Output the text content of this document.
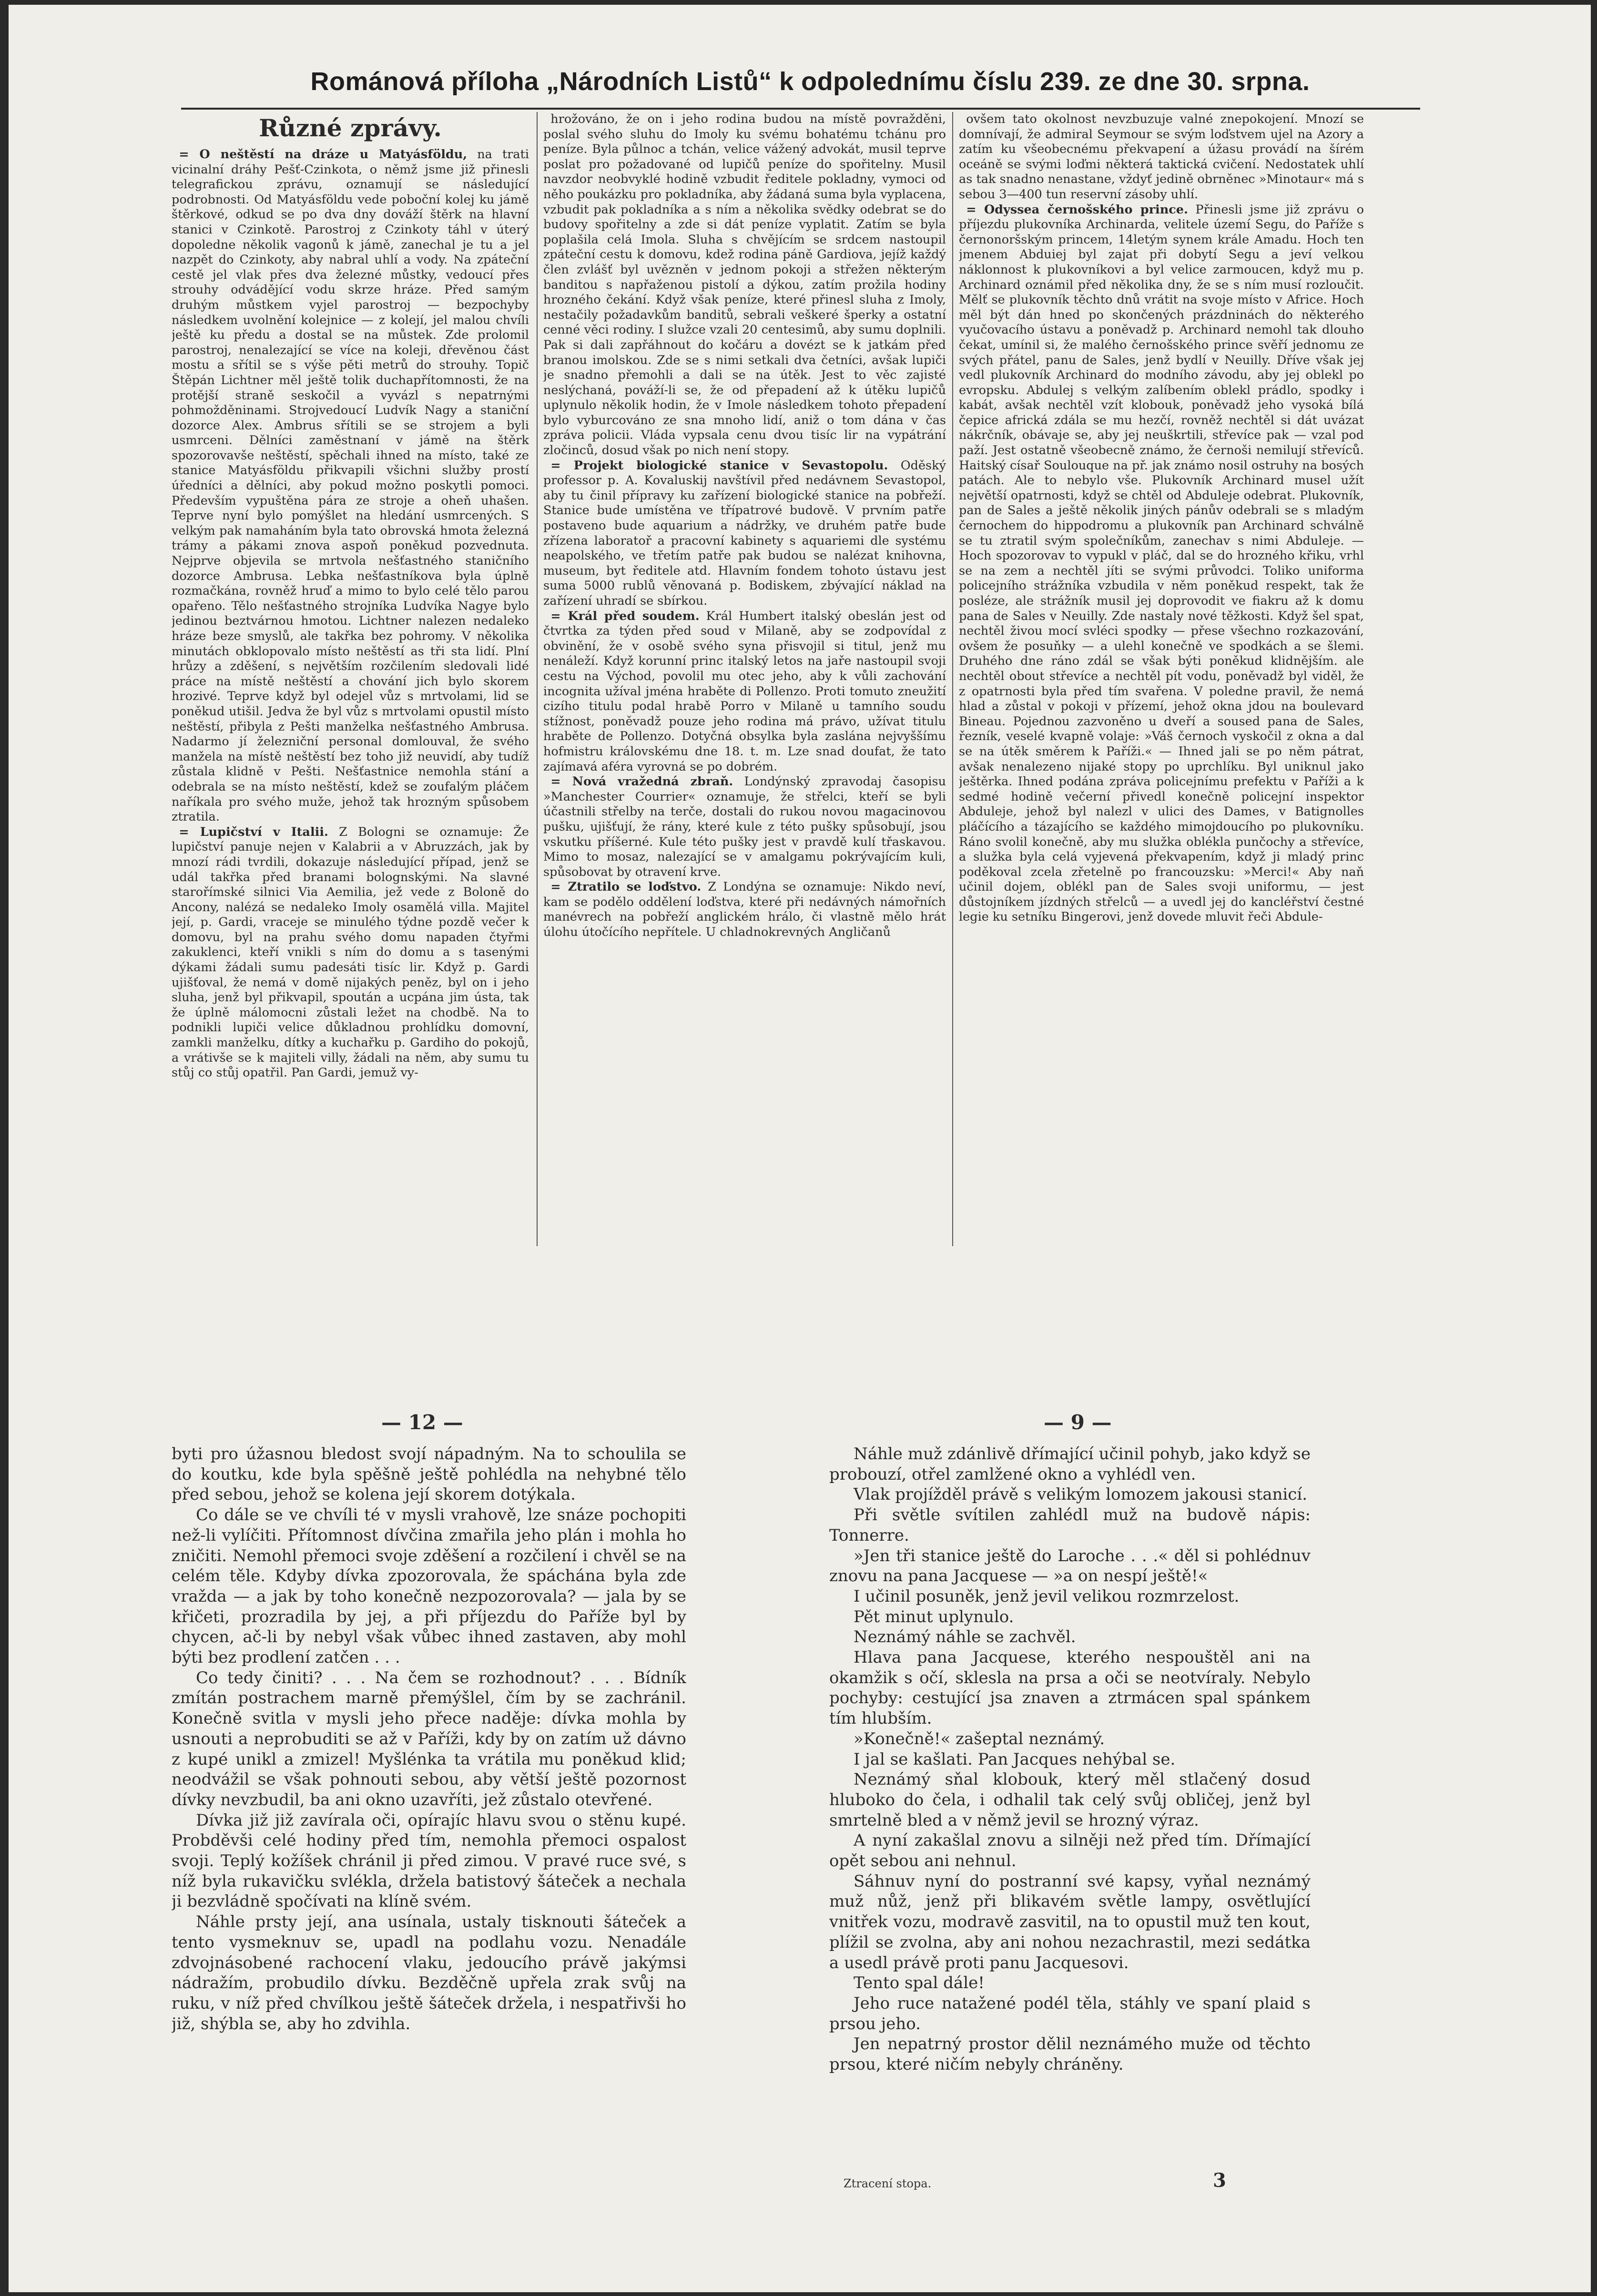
Románová příloha „Národních Listů“ k odpolednímu číslu 239. ze dne 30. srpna.
Různé zprávy.

= O neštěstí na dráze u Matyásföldu, na trati vicinalní dráhy Pešť-Czinkota, o němž jsme již přinesli telegrafickou zprávu, oznamují se následující podrobnosti. Od Matyásföldu vede poboční kolej ku jámě štěrkové, odkud se po dva dny dováží štěrk na hlavní stanici v Czinkotě. Parostroj z Czinkoty táhl v úterý dopoledne několik vagonů k jámě, zanechal je tu a jel nazpět do Czinkoty, aby nabral uhlí a vody. Na zpáteční cestě jel vlak přes dva železné můstky, vedoucí přes strouhy odvádějící vodu skrze hráze. Před samým druhým můstkem vyjel parostroj — bezpochyby následkem uvolnění kolejnice — z kolejí, jel malou chvíli ještě ku předu a dostal se na můstek. Zde prolomil parostroj, nenalezající se více na koleji, dřevěnou část mostu a sřítil se s výše pěti metrů do strouhy. Topič Štěpán Lichtner měl ještě tolik duchapřítomnosti, že na protější straně seskočil a vyvázl s nepatrnými pohmožděninami. Strojvedoucí Ludvík Nagy a staniční dozorce Alex. Ambrus sřítili se se strojem a byli usmrceni. Dělníci zaměstnaní v jámě na štěrk spozorovavše neštěstí, spěchali ihned na místo, také ze stanice Matyásföldu přikvapili všichni služby prostí úředníci a dělníci, aby pokud možno poskytli pomoci. Především vypuštěna pára ze stroje a oheň uhašen. Teprve nyní bylo pomýšlet na hledání usmrcených. S velkým pak namaháním byla tato obrovská hmota železná trámy a pákami znova aspoň poněkud pozvednuta. Nejprve objevila se mrtvola nešťastného staničního dozorce Ambrusa. Lebka nešťastníkova byla úplně rozmačkána, rovněž hruď a mimo to bylo celé tělo parou opařeno. Tělo nešťastného strojníka Ludvíka Nagye bylo jedinou beztvárnou hmotou. Lichtner nalezen nedaleko hráze beze smyslů, ale takřka bez pohromy. V několika minutách obklopovalo místo neštěstí as tři sta lidí. Plní hrůzy a zděšení, s největším rozčilením sledovali lidé práce na místě neštěstí a chování jich bylo skorem hrozivé. Teprve když byl odejel vůz s mrtvolami, lid se poněkud utišil. Jedva že byl vůz s mrtvolami opustil místo neštěstí, přibyla z Pešti manželka nešťastného Ambrusa. Nadarmo jí železniční personal domlouval, že svého manžela na místě neštěstí bez toho již neuvidí, aby tudíž zůstala klidně v Pešti. Nešťastnice nemohla stání a odebrala se na místo neštěstí, kdež se zoufalým pláčem naříkala pro svého muže, jehož tak hrozným spůsobem ztratila.

= Lupičství v Italii. Z Bologni se oznamuje: Že lupičství panuje nejen v Kalabrii a v Abruzzách, jak by mnozí rádi tvrdili, dokazuje následující případ, jenž se udál takřka před branami bolognskými. Na slavné starořímské silnici Via Aemilia, jež vede z Boloně do Ancony, nalézá se nedaleko Imoly osamělá villa. Majitel její, p. Gardi, vraceje se minulého týdne pozdě večer k domovu, byl na prahu svého domu napaden čtyřmi zakuklenci, kteří vnikli s ním do domu a s tasenými dýkami žádali sumu padesáti tisíc lir. Když p. Gardi ujišťoval, že nemá v domě nijakých peněz, byl on i jeho sluha, jenž byl přikvapil, spoután a ucpána jim ústa, tak že úplně málomocni zůstali ležet na chodbě. Na to podnikli lupiči velice důkladnou prohlídku domovní, zamkli manželku, dítky a kuchařku p. Gardiho do pokojů, a vrátivše se k majiteli villy, žádali na něm, aby sumu tu stůj co stůj opatřil. Pan Gardi, jemuž vy-

hrožováno, že on i jeho rodina budou na místě povražděni, poslal svého sluhu do Imoly ku svému bohatému tchánu pro peníze. Byla půlnoc a tchán, velice vážený advokát, musil teprve poslat pro požadované od lupičů peníze do spořitelny. Musil navzdor neobvyklé hodině vzbudit ředitele pokladny, vymoci od něho poukázku pro pokladníka, aby žádaná suma byla vyplacena, vzbudit pak pokladníka a s ním a několika svědky odebrat se do budovy spořitelny a zde si dát peníze vyplatit. Zatím se byla poplašila celá Imola. Sluha s chvějícím se srdcem nastoupil zpáteční cestu k domovu, kdež rodina páně Gardiova, jejíž každý člen zvlášť byl uvězněn v jednom pokoji a střežen některým banditou s napřaženou pistolí a dýkou, zatím prožila hodiny hrozného čekání. Když však peníze, které přinesl sluha z Imoly, nestačily požadavkům banditů, sebrali veškeré šperky a ostatní cenné věci rodiny. I služce vzali 20 centesimů, aby sumu doplnili. Pak si dali zapřáhnout do kočáru a dovézt se k jatkám před branou imolskou. Zde se s nimi setkali dva četníci, avšak lupiči je snadno přemohli a dali se na útěk. Jest to věc zajisté neslýchaná, pováží-li se, že od přepadení až k útěku lupičů uplynulo několik hodin, že v Imole následkem tohoto přepadení bylo vyburcováno ze sna mnoho lidí, aniž o tom dána v čas zpráva policii. Vláda vypsala cenu dvou tisíc lir na vypátrání zločinců, dosud však po nich není stopy.

= Projekt biologické stanice v Sevastopolu. Oděský professor p. A. Kovaluskij navštívil před nedávnem Sevastopol, aby tu činil přípravy ku zařízení biologické stanice na pobřeží. Stanice bude umístěna ve třípatrové budově. V prvním patře postaveno bude aquarium a nádržky, ve druhém patře bude zřízena laboratoř a pracovní kabinety s aquariemi dle systému neapolského, ve třetím patře pak budou se nalézat knihovna, museum, byt ředitele atd. Hlavním fondem tohoto ústavu jest suma 5000 rublů věnovaná p. Bodiskem, zbývající náklad na zařízení uhradí se sbírkou.

= Král před soudem. Král Humbert italský obeslán jest od čtvrtka za týden před soud v Milaně, aby se zodpovídal z obvinění, že v osobě svého syna přisvojil si titul, jenž mu nenáleží. Když korunní princ italský letos na jaře nastoupil svoji cestu na Východ, povolil mu otec jeho, aby k vůli zachování incognita užíval jména hraběte di Pollenzo. Proti tomuto zneužití cizího titulu podal hrabě Porro v Milaně u tamního soudu stížnost, poněvadž pouze jeho rodina má právo, užívat titulu hraběte de Pollenzo. Dotyčná obsylka byla zaslána nejvyššímu hofmistru královskému dne 18. t. m. Lze snad doufat, že tato zajímavá aféra vyrovná se po dobrém.

= Nová vražedná zbraň. Londýnský zpravodaj časopisu »Manchester Courrier« oznamuje, že střelci, kteří se byli účastnili střelby na terče, dostali do rukou novou magacinovou pušku, ujišťují, že rány, které kule z této pušky spůsobují, jsou vskutku příšerné. Kule této pušky jest v pravdě kulí třaskavou. Mimo to mosaz, nalezající se v amalgamu pokrývajícím kuli, spůsobovat by otravení krve.

= Ztratilo se loďstvo. Z Londýna se oznamuje: Nikdo neví, kam se podělo oddělení loďstva, které při nedávných námořních manévrech na pobřeží anglickém hrálo, či vlastně mělo hrát úlohu útočícího nepřítele. U chladnokrevných Angličanů

ovšem tato okolnost nevzbuzuje valné znepokojení. Mnozí se domnívají, že admiral Seymour se svým loďstvem ujel na Azory a zatím ku všeobecnému překvapení a úžasu provádí na šírém oceáně se svými loďmi některá taktická cvičení. Nedostatek uhlí as tak snadno nenastane, vždyť jedině obrněnec »Minotaur« má s sebou 3—400 tun reservní zásoby uhlí.

= Odyssea černošského prince. Přinesli jsme již zprávu o příjezdu plukovníka Archinarda, velitele území Segu, do Paříže s černonoršským princem, 14letým synem krále Amadu. Hoch ten jmenem Abduiej byl zajat při dobytí Segu a jeví velkou náklonnost k plukovníkovi a byl velice zarmoucen, když mu p. Archinard oznámil před několika dny, že se s ním musí rozloučit. Mělť se plukovník těchto dnů vrátit na svoje místo v Africe. Hoch měl být dán hned po skončených prázdninách do některého vyučovacího ústavu a poněvadž p. Archinard nemohl tak dlouho čekat, umínil si, že malého černošského prince svěří jednomu ze svých přátel, panu de Sales, jenž bydlí v Neuilly. Dříve však jej vedl plukovník Archinard do modního závodu, aby jej oblekl po evropsku. Abdulej s velkým zalíbením oblekl prádlo, spodky i kabát, avšak nechtěl vzít klobouk, poněvadž jeho vysoká bílá čepice africká zdála se mu hezčí, rovněž nechtěl si dát uvázat nákrčník, obávaje se, aby jej neuškrtili, střevíce pak — vzal pod paží. Jest ostatně všeobecně známo, že černoši nemilují střevíců. Haitský císař Soulouque na př. jak známo nosil ostruhy na bosých patách. Ale to nebylo vše. Plukovník Archinard musel užít největší opatrnosti, když se chtěl od Abduleje odebrat. Plukovník, pan de Sales a ještě několik jiných pánův odebrali se s mladým černochem do hippodromu a plukovník pan Archinard schválně se tu ztratil svým společníkům, zanechav s nimi Abduleje. — Hoch spozorovav to vypukl v pláč, dal se do hrozného křiku, vrhl se na zem a nechtěl jíti se svými průvodci. Toliko uniforma policejního strážníka vzbudila v něm poněkud respekt, tak že posléze, ale strážník musil jej doprovodit ve fiakru až k domu pana de Sales v Neuilly. Zde nastaly nové těžkosti. Když šel spat, nechtěl živou mocí svléci spodky — přese všechno rozkazování, ovšem že posuňky — a ulehl konečně ve spodkách a se šlemi. Druhého dne ráno zdál se však býti poněkud klidnějším. ale nechtěl obout střevíce a nechtěl pít vodu, poněvadž byl viděl, že z opatrnosti byla před tím svařena. V poledne pravil, že nemá hlad a zůstal v pokoji v přízemí, jehož okna jdou na boulevard Bineau. Pojednou zazvoněno u dveří a soused pana de Sales, řezník, veselé kvapně volaje: »Váš černoch vyskočil z okna a dal se na útěk směrem k Paříži.« — Ihned jali se po něm pátrat, avšak nenalezeno nijaké stopy po uprchlíku. Byl uniknul jako ještěrka. Ihned podána zpráva policejnímu prefektu v Paříži a k sedmé hodině večerní přivedl konečně policejní inspektor Abduleje, jehož byl nalezl v ulici des Dames, v Batignolles pláčícího a tázajícího se každého mimojdoucího po plukovníku. Ráno svolil konečně, aby mu služka oblékla punčochy a střevíce, a služka byla celá vyjevená překvapením, když ji mladý princ poděkoval zcela zřetelně po francouzsku: »Merci!« Aby naň učinil dojem, oblékl pan de Sales svoji uniformu, — jest důstojníkem jízdných střelců — a uvedl jej do kancléřství čestné legie ku setníku Bingerovi, jenž dovede mluvit řeči Abdule-

— 12 —	— 9 —

byti pro úžasnou bledost svojí nápadným. Na to schoulila se do koutku, kde byla spěšně ještě pohlédla na nehybné tělo před sebou, jehož se kolena její skorem dotýkala.

Co dále se ve chvíli té v mysli vrahově, lze snáze pochopiti než-li vylíčiti. Přítomnost dívčina zmařila jeho plán i mohla ho zničiti. Nemohl přemoci svoje zděšení a rozčilení i chvěl se na celém těle. Kdyby dívka zpozorovala, že spáchána byla zde vražda — a jak by toho konečně nezpozorovala? — jala by se křičeti, prozradila by jej, a při příjezdu do Paříže byl by chycen, ač-li by nebyl však vůbec ihned zastaven, aby mohl býti bez prodlení zatčen . . .

Co tedy činiti? . . . Na čem se rozhodnout? . . . Bídník zmítán postrachem marně přemýšlel, čím by se zachránil. Konečně svitla v mysli jeho přece naděje: dívka mohla by usnouti a neprobuditi se až v Paříži, kdy by on zatím už dávno z kupé unikl a zmizel! Myšlénka ta vrátila mu poněkud klid; neodvážil se však pohnouti sebou, aby větší ještě pozornost dívky nevzbudil, ba ani okno uzavříti, jež zůstalo otevřené.

Dívka již již zavírala oči, opírajíc hlavu svou o stěnu kupé. Probděvši celé hodiny před tím, nemohla přemoci ospalost svoji. Teplý kožíšek chránil ji před zimou. V pravé ruce své, s níž byla rukavičku svlékla, držela batistový šáteček a nechala ji bezvládně spočívati na klíně svém.

Náhle prsty její, ana usínala, ustaly tisknouti šáteček a tento vysmeknuv se, upadl na podlahu vozu. Nenadále zdvojnásobené rachocení vlaku, jedoucího právě jakýmsi nádražím, probudilo dívku. Bezděčně upřela zrak svůj na ruku, v níž před chvílkou ještě šáteček držela, i nespatřivši ho již, shýbla se, aby ho zdvihla.

Náhle muž zdánlivě dřímající učinil pohyb, jako když se probouzí, otřel zamlžené okno a vyhlédl ven.

Vlak projížděl právě s velikým lomozem jakousi stanicí.

Při světle svítilen zahlédl muž na budově nápis: Tonnerre.

»Jen tři stanice ještě do Laroche . . .« děl si pohlédnuv znovu na pana Jacquese — »a on nespí ještě!«

I učinil posuněk, jenž jevil velikou rozmrzelost.

Pět minut uplynulo.

Neznámý náhle se zachvěl.

Hlava pana Jacquese, kterého nespouštěl ani na okamžik s očí, sklesla na prsa a oči se neotvíraly. Nebylo pochyby: cestující jsa znaven a ztrmácen spal spánkem tím hlubším.

»Konečně!« zašeptal neznámý.

I jal se kašlati. Pan Jacques nehýbal se.

Neznámý sňal klobouk, který měl stlačený dosud hluboko do čela, i odhalil tak celý svůj obličej, jenž byl smrtelně bled a v němž jevil se hrozný výraz.

A nyní zakašlal znovu a silněji než před tím. Dřímající opět sebou ani nehnul.

Sáhnuv nyní do postranní své kapsy, vyňal neznámý muž nůž, jenž při blikavém světle lampy, osvětlující vnitřek vozu, modravě zasvitil, na to opustil muž ten kout, plížil se zvolna, aby ani nohou nezachrastil, mezi sedátka a usedl právě proti panu Jacquesovi.

Tento spal dále!

Jeho ruce natažené podél těla, stáhly ve spaní plaid s prsou jeho.

Jen nepatrný prostor dělil neznámého muže od těchto prsou, které ničím nebyly chráněny.

Ztracení stopa.	3
